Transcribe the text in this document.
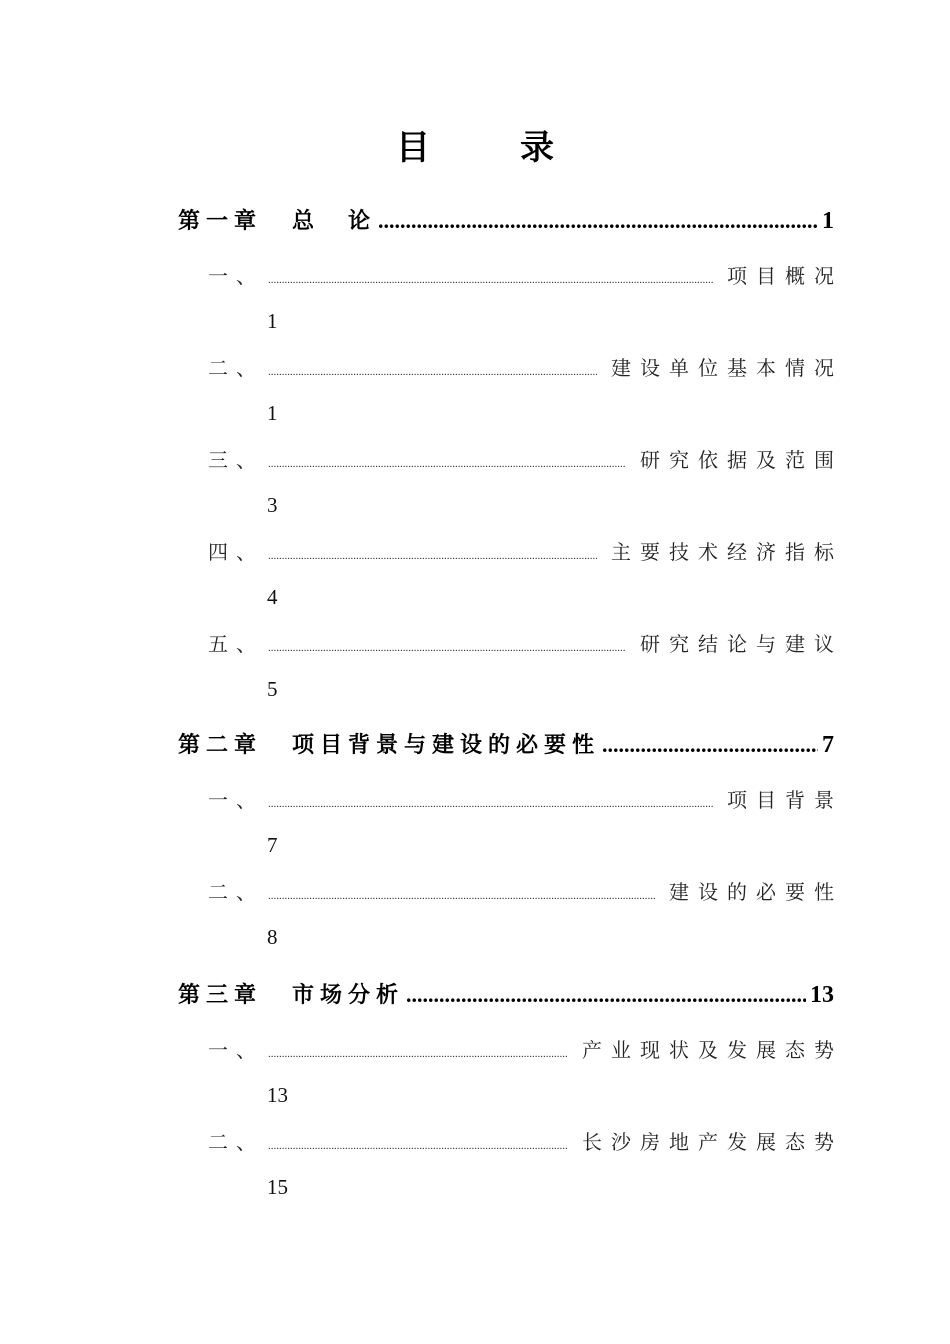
目	录
第一章 总　论 .....	1
一、 .....	项目概况
1
二、 .....	建设单位基本情况
1
三、 .....	研究依据及范围
3
四、 .....	主要技术经济指标
4
五、 .....	研究结论与建议
5
第二章 项目背景与建设的必要性 .....	7
一、 .....	项目背景
7
二、 .....	建设的必要性
8
第三章 市场分析 .....	13
一、 .....	产业现状及发展态势
13
二、 .....	长沙房地产发展态势
15
